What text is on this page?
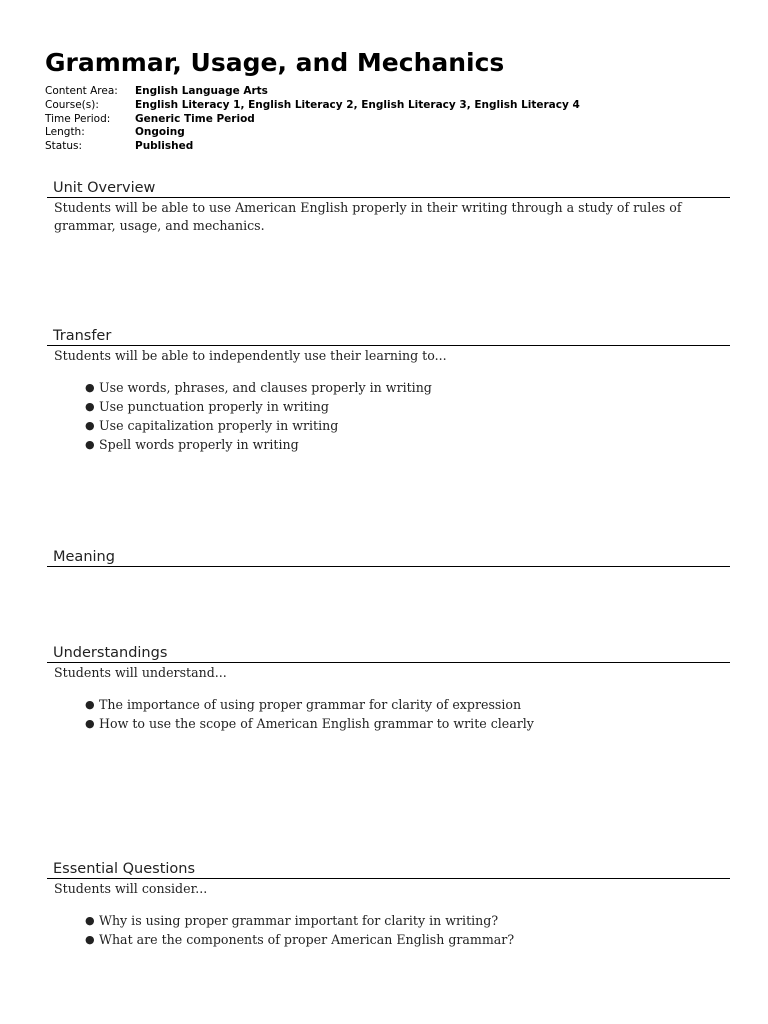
Grammar, Usage, and Mechanics
Content Area:	English Language Arts
Course(s):	English Literacy 1, English Literacy 2, English Literacy 3, English Literacy 4
Time Period:	Generic Time Period
Length:	Ongoing
Status:	Published
Unit Overview
Students will be able to use American English properly in their writing through a study of rules of grammar, usage, and mechanics.
Transfer
Students will be able to independently use their learning to...
● Use words, phrases, and clauses properly in writing
● Use punctuation properly in writing
● Use capitalization properly in writing
● Spell words properly in writing
Meaning
Understandings
Students will understand...
● The importance of using proper grammar for clarity of expression
● How to use the scope of American English grammar to write clearly
Essential Questions
Students will consider...
● Why is using proper grammar important for clarity in writing?
● What are the components of proper American English grammar?
